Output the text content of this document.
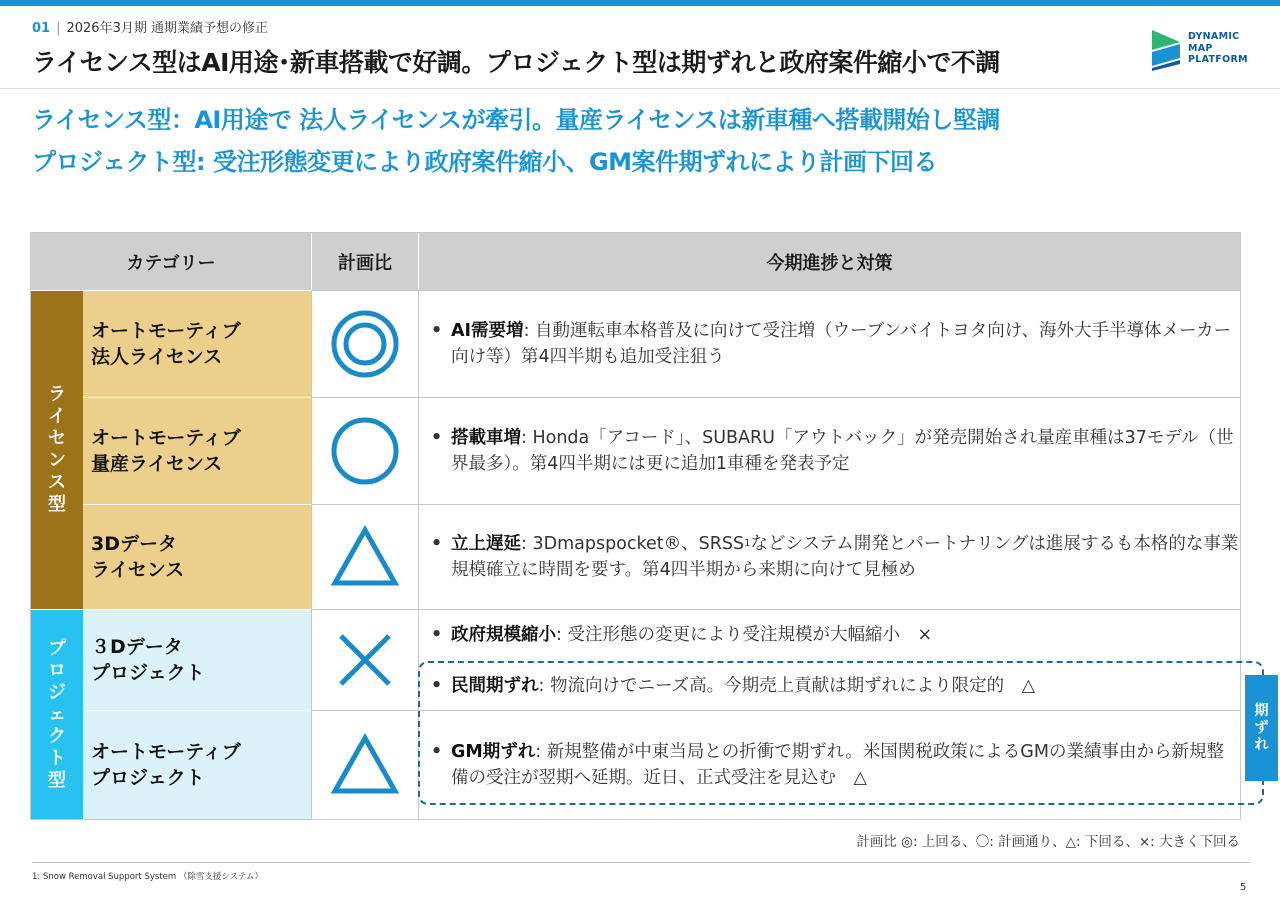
01 | 2026年3月期 通期業績予想の修正
ライセンス型はAI用途･新車搭載で好調。プロジェクト型は期ずれと政府案件縮小で不調
DYNAMIC
MAP
PLATFORM
ライセンス型：AI用途で 法人ライセンスが牽引。量産ライセンスは新車種へ搭載開始し堅調
プロジェクト型: 受注形態変更により政府案件縮小、GM案件期ずれにより計画下回る
カテゴリー	計画比	今期進捗と対策
ライセンス型
プロジェクト型
オートモーティブ
法人ライセンス
オートモーティブ
量産ライセンス
3Dデータ
ライセンス
３Dデータ
プロジェクト
オートモーティブ
プロジェクト
• AI需要増: 自動運転車本格普及に向けて受注増（ウーブンバイトヨタ向け、海外大手半導体メーカー向け等）第4四半期も追加受注狙う
• 搭載車増: Honda「アコード」、SUBARU「アウトバック」が発売開始され量産車種は37モデル（世界最多）。第4四半期には更に追加1車種を発表予定
• 立上遅延: 3Dmapspocket®、SRSS$^1$などシステム開発とパートナリングは進展するも本格的な事業規模確立に時間を要す。第4四半期から来期に向けて見極め
• 政府規模縮小: 受注形態の変更により受注規模が大幅縮小　×
• 民間期ずれ: 物流向けでニーズ高。今期売上貢献は期ずれにより限定的　△
• GM期ずれ: 新規整備が中東当局との折衝で期ずれ。米国関税政策によるGMの業績事由から新規整備の受注が翌期へ延期。近日、正式受注を見込む　△
期ずれ
計画比 ◎: 上回る、〇: 計画通り、△: 下回る、×: 大きく下回る
1: Snow Removal Support System （除雪支援システム）
5
